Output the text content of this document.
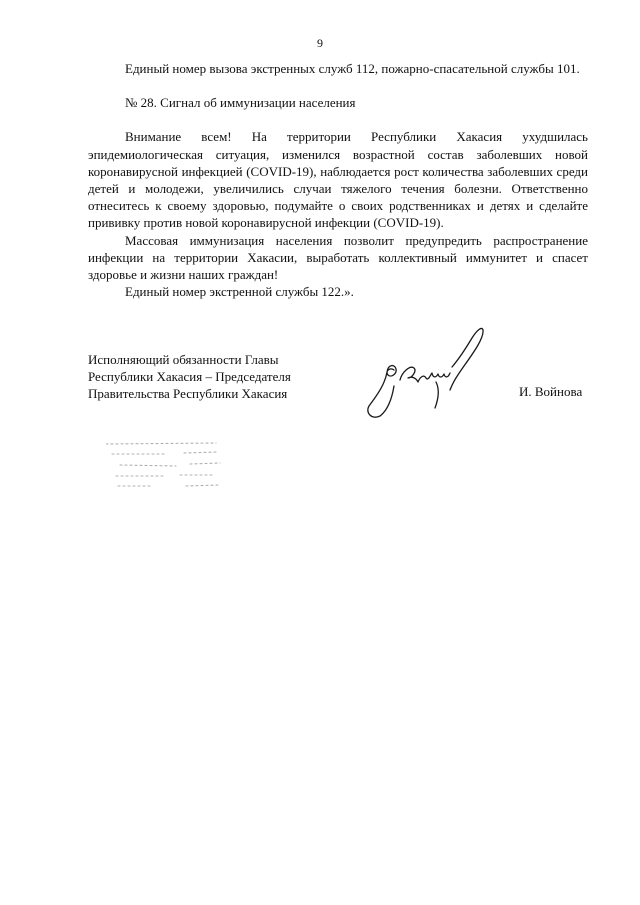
9

Единый номер вызова экстренных служб 112, пожарно-спасательной службы 101.

№ 28. Сигнал об иммунизации населения

Внимание всем! На территории Республики Хакасия ухудшилась эпидемиологическая ситуация, изменился возрастной состав заболевших новой коронавирусной инфекцией (COVID-19), наблюдается рост количества заболевших среди детей и молодежи, увеличились случаи тяжелого течения болезни. Ответственно отнеситесь к своему здоровью, подумайте о своих родственниках и детях и сделайте прививку против новой коронавирусной инфекции (COVID-19).

Массовая иммунизация населения позволит предупредить распространение инфекции на территории Хакасии, выработать коллективный иммунитет и спасет здоровье и жизни наших граждан!

Единый номер экстренной службы 122.».

Исполняющий обязанности Главы
Республики Хакасия – Председателя
Правительства Республики Хакасия	И. Войнова
